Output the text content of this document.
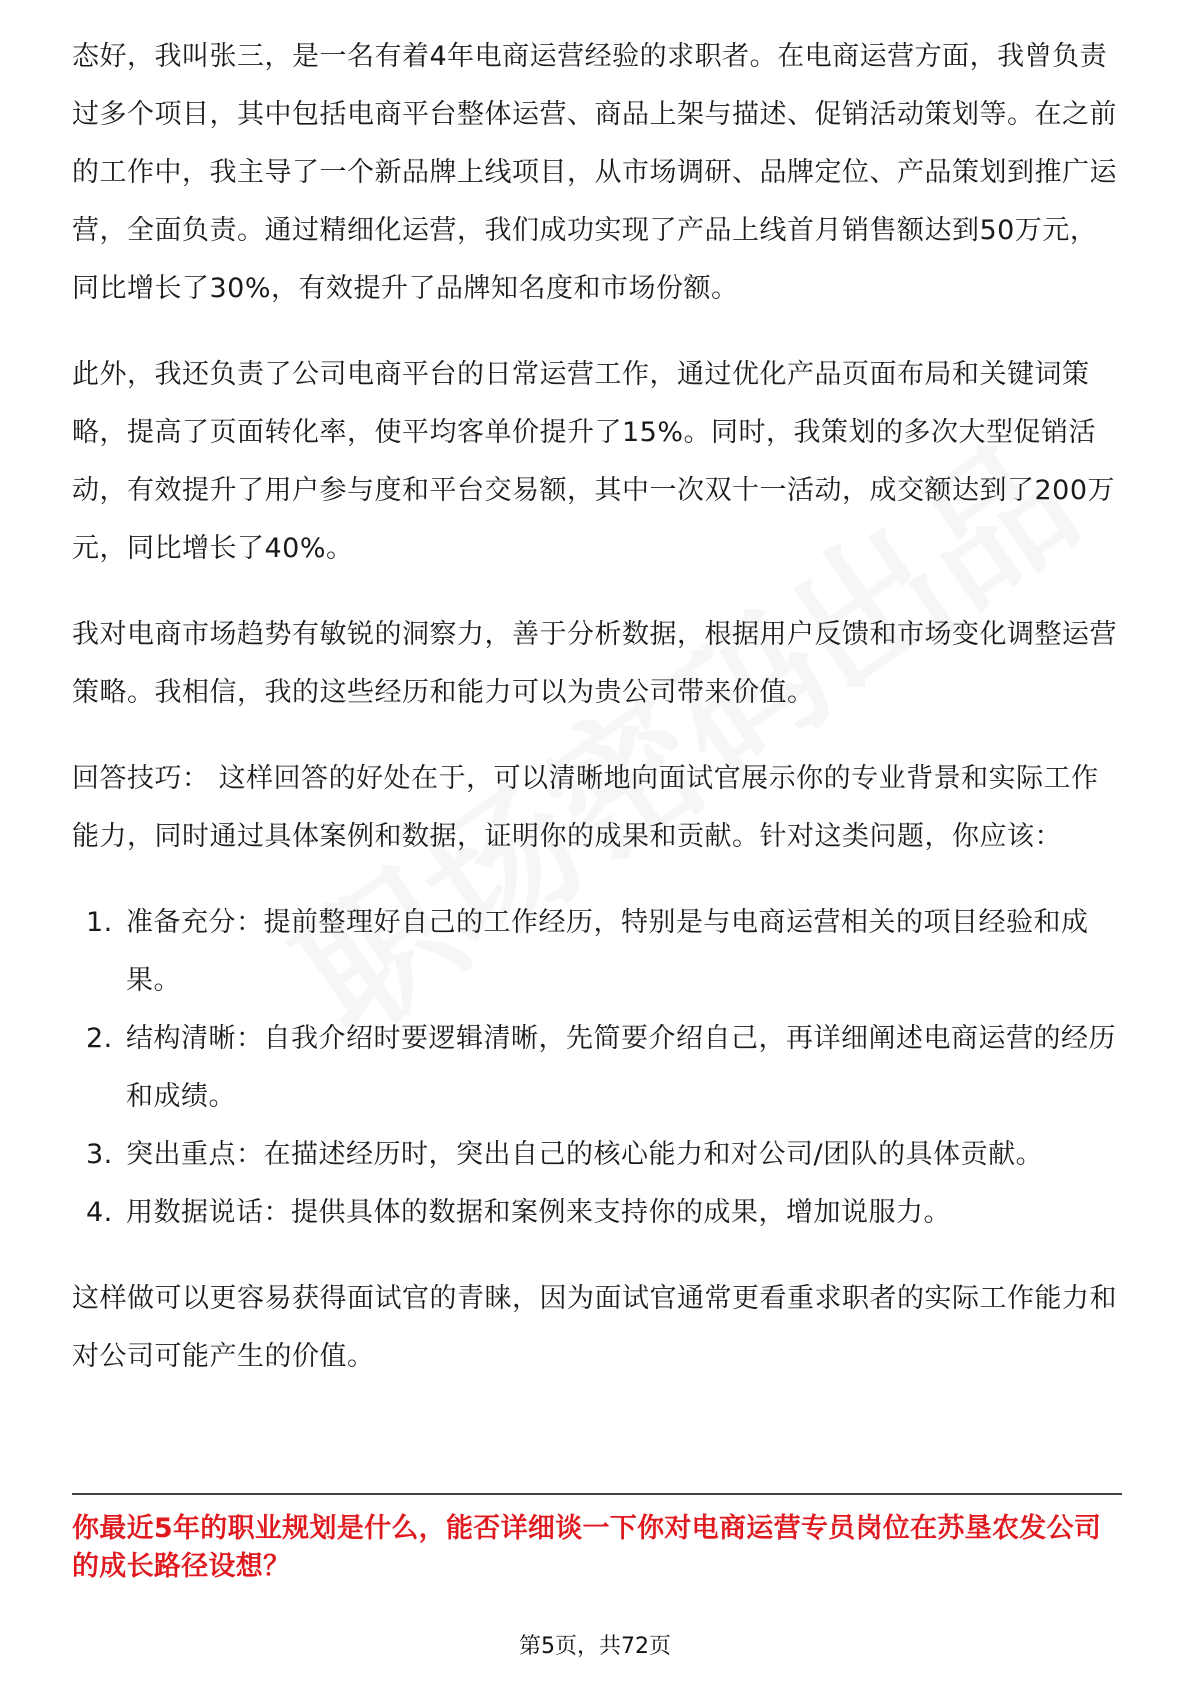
态好，我叫张三，是一名有着4年电商运营经验的求职者。在电商运营方面，我曾负责过多个项目，其中包括电商平台整体运营、商品上架与描述、促销活动策划等。在之前的工作中，我主导了一个新品牌上线项目，从市场调研、品牌定位、产品策划到推广运营，全面负责。通过精细化运营，我们成功实现了产品上线首月销售额达到50万元，同比增长了30%，有效提升了品牌知名度和市场份额。

此外，我还负责了公司电商平台的日常运营工作，通过优化产品页面布局和关键词策略，提高了页面转化率，使平均客单价提升了15%。同时，我策划的多次大型促销活动，有效提升了用户参与度和平台交易额，其中一次双十一活动，成交额达到了200万元，同比增长了40%。

我对电商市场趋势有敏锐的洞察力，善于分析数据，根据用户反馈和市场变化调整运营策略。我相信，我的这些经历和能力可以为贵公司带来价值。

回答技巧： 这样回答的好处在于，可以清晰地向面试官展示你的专业背景和实际工作能力，同时通过具体案例和数据，证明你的成果和贡献。针对这类问题，你应该：

1. 准备充分：提前整理好自己的工作经历，特别是与电商运营相关的项目经验和成果。
2. 结构清晰：自我介绍时要逻辑清晰，先简要介绍自己，再详细阐述电商运营的经历和成绩。
3. 突出重点：在描述经历时，突出自己的核心能力和对公司/团队的具体贡献。
4. 用数据说话：提供具体的数据和案例来支持你的成果，增加说服力。

这样做可以更容易获得面试官的青睐，因为面试官通常更看重求职者的实际工作能力和对公司可能产生的价值。

你最近5年的职业规划是什么，能否详细谈一下你对电商运营专员岗位在苏垦农发公司的成长路径设想？
第5页，共72页
